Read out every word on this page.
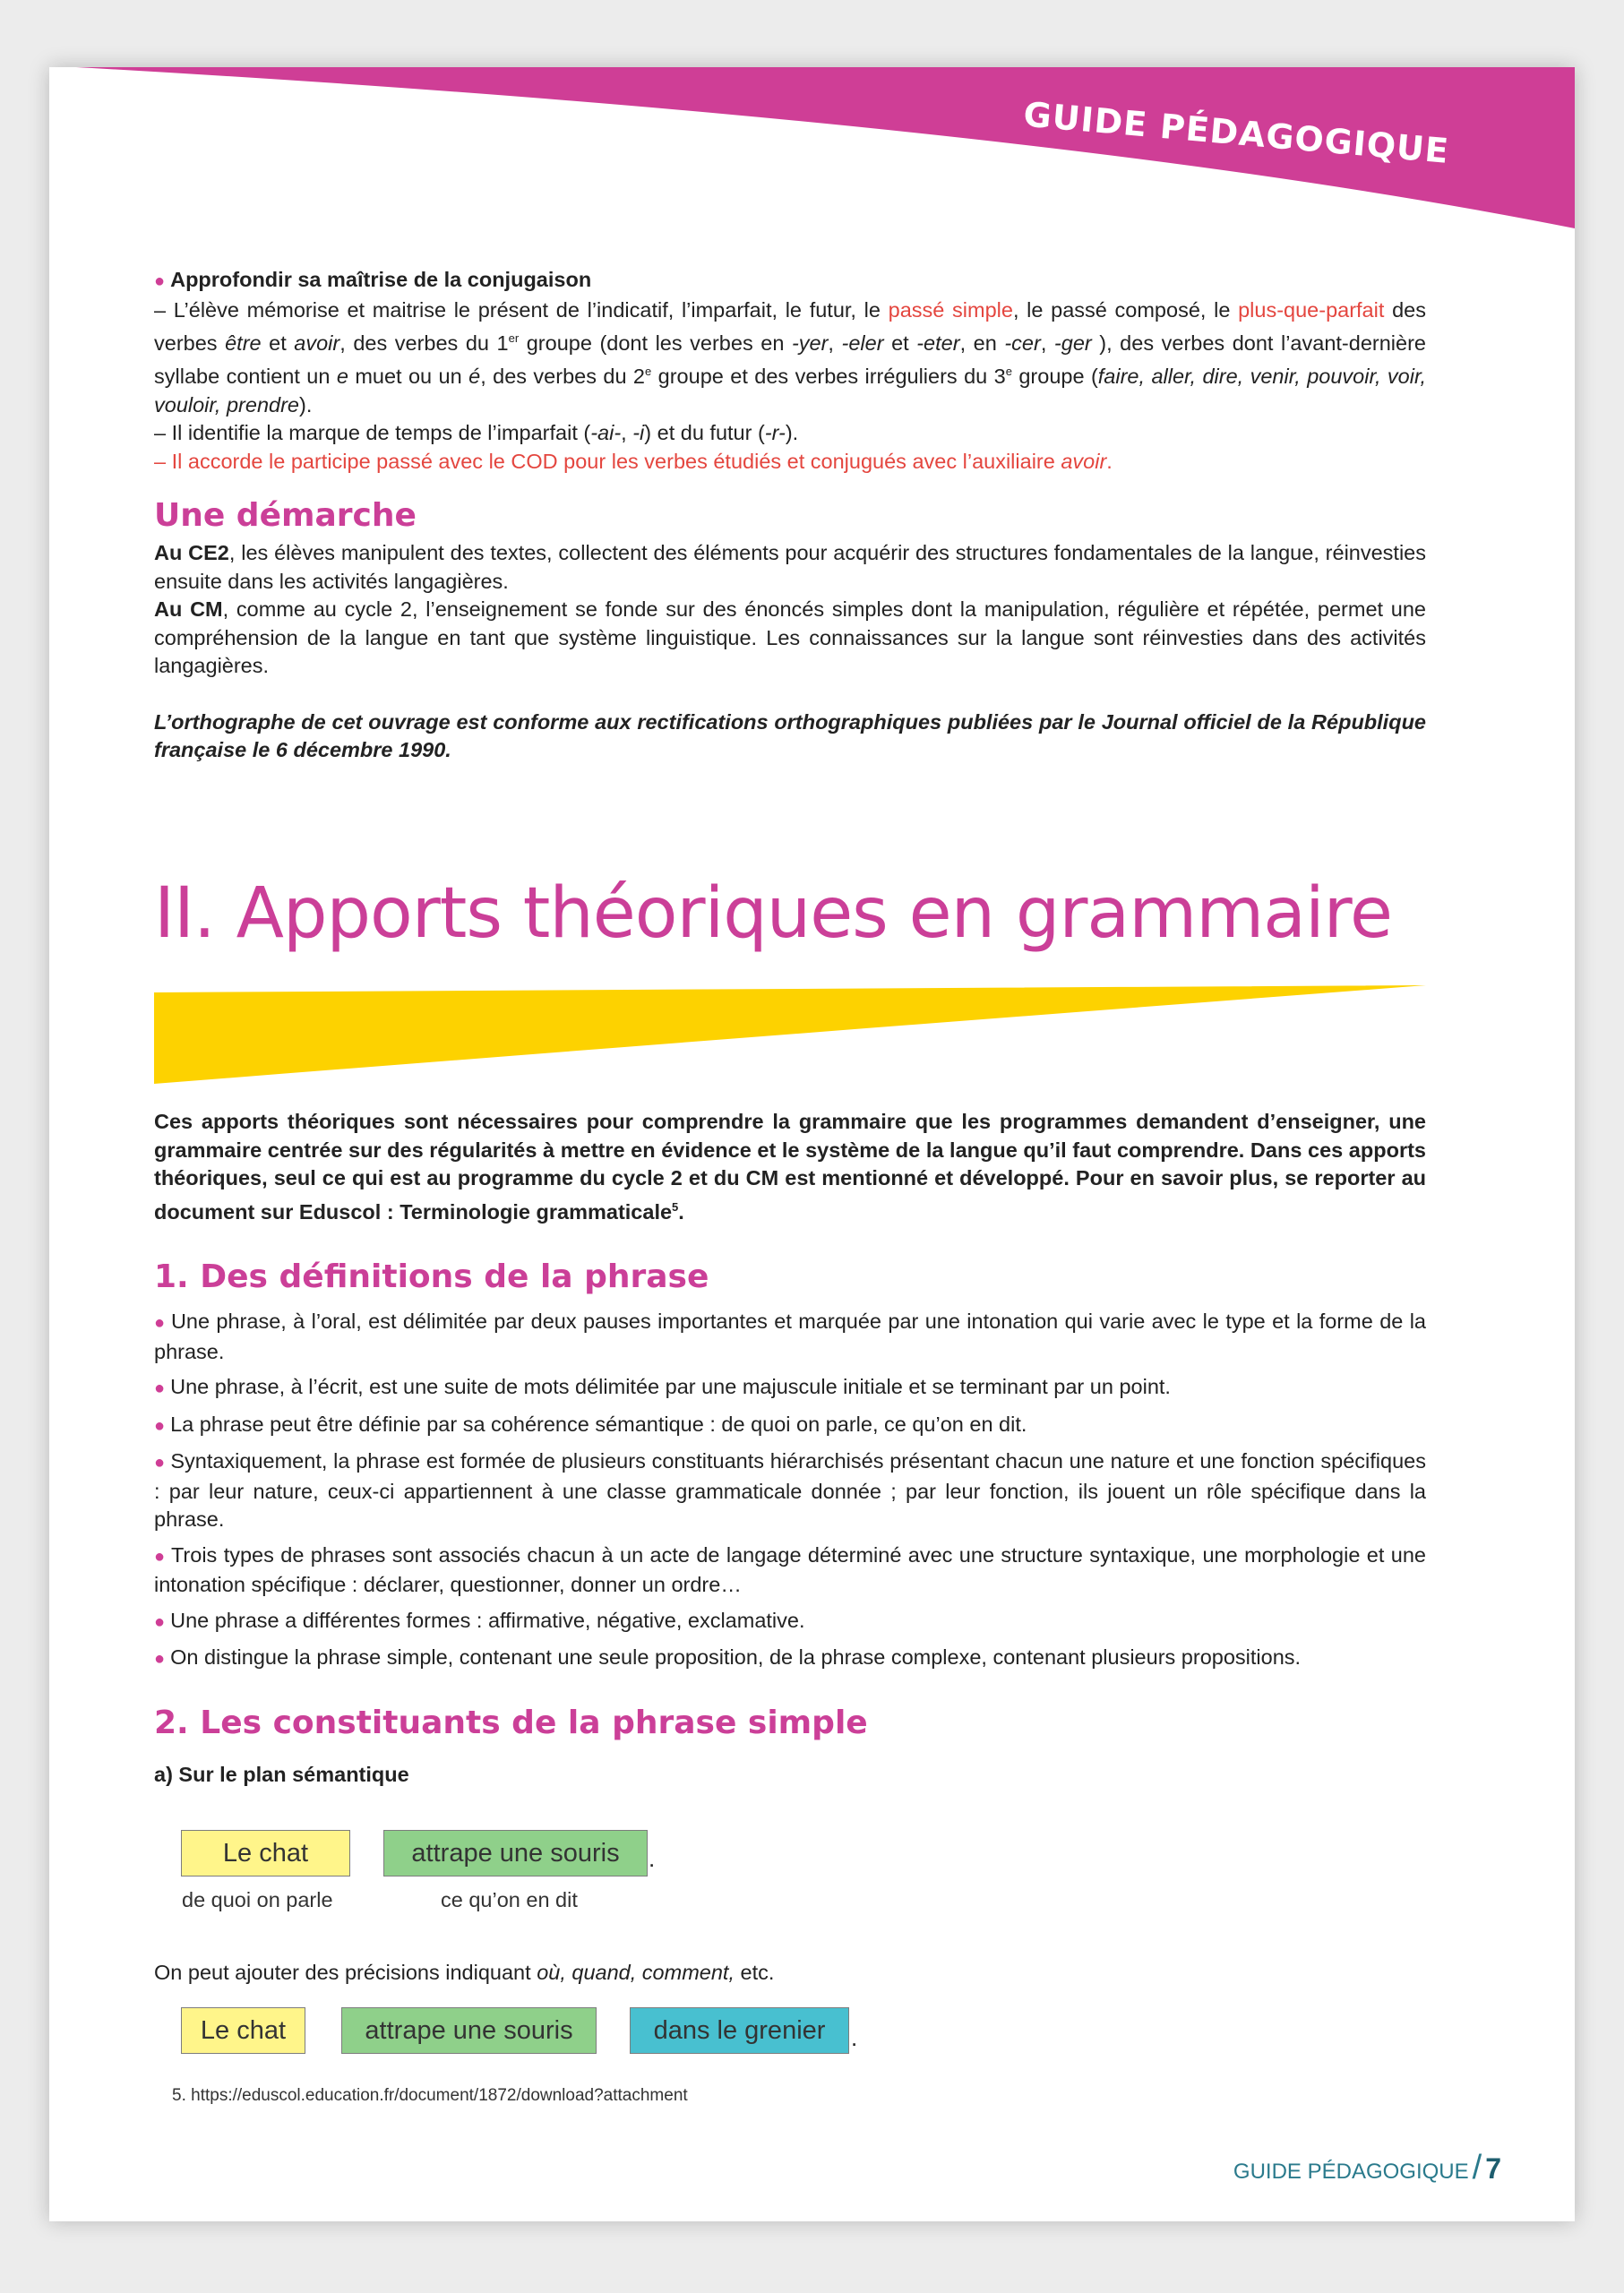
GUIDE PÉDAGOGIQUE

● Approfondir sa maîtrise de la conjugaison

– L’élève mémorise et maitrise le présent de l’indicatif, l’imparfait, le futur, le passé simple, le passé composé, le plus-que-parfait des verbes être et avoir, des verbes du 1er groupe (dont les verbes en -yer, -eler et -eter, en -cer, -ger ), des verbes dont l’avant-dernière syllabe contient un e muet ou un é, des verbes du 2e groupe et des verbes irréguliers du 3e groupe (faire, aller, dire, venir, pouvoir, voir, vouloir, prendre).

– Il identifie la marque de temps de l’imparfait (-ai-, -i) et du futur (-r-).

– Il accorde le participe passé avec le COD pour les verbes étudiés et conjugués avec l’auxiliaire avoir.

Une démarche

Au CE2, les élèves manipulent des textes, collectent des éléments pour acquérir des structures fondamentales de la langue, réinvesties ensuite dans les activités langagières.

Au CM, comme au cycle 2, l’enseignement se fonde sur des énoncés simples dont la manipulation, régulière et répétée, permet une compréhension de la langue en tant que système linguistique. Les connaissances sur la langue sont réinvesties dans des activités langagières.

L’orthographe de cet ouvrage est conforme aux rectifications orthographiques publiées par le Journal officiel de la République française le 6 décembre 1990.

II. Apports théoriques en grammaire

Ces apports théoriques sont nécessaires pour comprendre la grammaire que les programmes demandent d’enseigner, une grammaire centrée sur des régularités à mettre en évidence et le système de la langue qu’il faut comprendre. Dans ces apports théoriques, seul ce qui est au programme du cycle 2 et du CM est mentionné et développé. Pour en savoir plus, se reporter au document sur Eduscol : Terminologie grammaticale$^5$.

1. Des définitions de la phrase

● Une phrase, à l’oral, est délimitée par deux pauses importantes et marquée par une intonation qui varie avec le type et la forme de la phrase.

● Une phrase, à l’écrit, est une suite de mots délimitée par une majuscule initiale et se terminant par un point.

● La phrase peut être définie par sa cohérence sémantique : de quoi on parle, ce qu’on en dit.

● Syntaxiquement, la phrase est formée de plusieurs constituants hiérarchisés présentant chacun une nature et une fonction spécifiques : par leur nature, ceux-ci appartiennent à une classe grammaticale donnée ; par leur fonction, ils jouent un rôle spécifique dans la phrase.

● Trois types de phrases sont associés chacun à un acte de langage déterminé avec une structure syntaxique, une morphologie et une intonation spécifique : déclarer, questionner, donner un ordre…

● Une phrase a différentes formes : affirmative, négative, exclamative.

● On distingue la phrase simple, contenant une seule proposition, de la phrase complexe, contenant plusieurs propositions.

2. Les constituants de la phrase simple

a) Sur le plan sémantique

Le chat	attrape une souris	.
de quoi on parle	ce qu’on en dit

On peut ajouter des précisions indiquant où, quand, comment, etc.

Le chat	attrape une souris	dans le grenier	.

5. https://eduscol.education.fr/document/1872/download?attachment

GUIDE PÉDAGOGIQUE / 7
